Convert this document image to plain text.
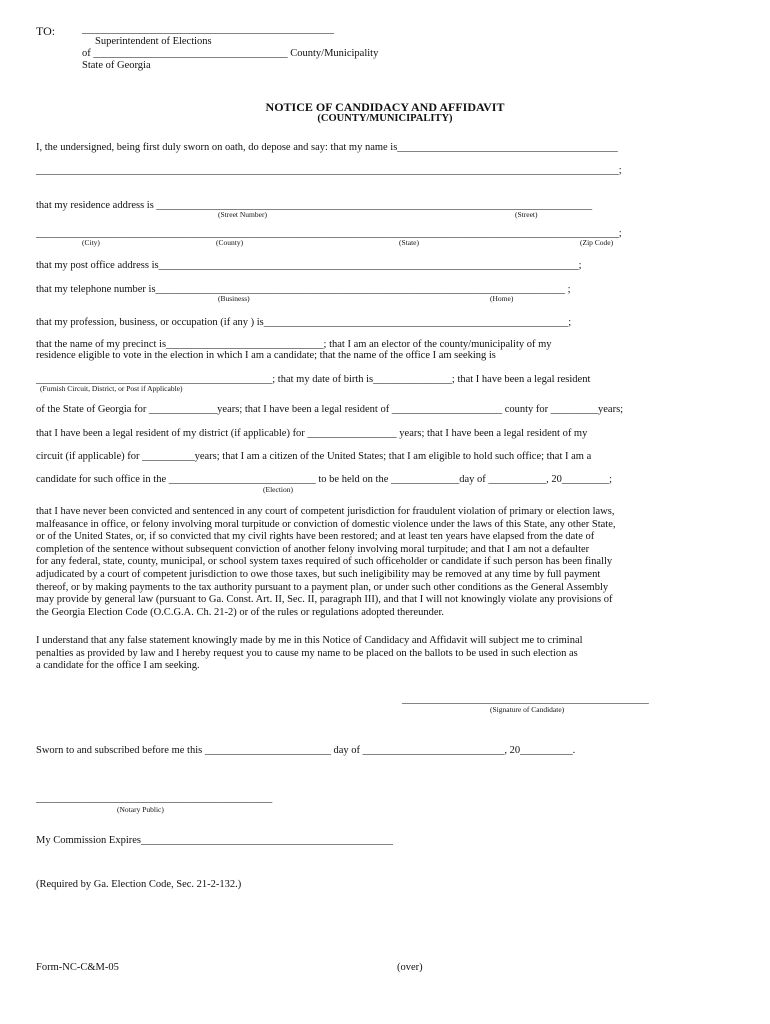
TO:	________________________________________________
Superintendent of Elections
of _____________________________________ County/Municipality
State of Georgia
NOTICE OF CANDIDACY AND AFFIDAVIT
(COUNTY/MUNICIPALITY)
I, the undersigned, being first duly sworn on oath, do depose and say: that my name is__________________________________________
_______________________________________________________________________________________________________________;
that my residence address is ___________________________________________________________________________________
(Street Number)	(Street)
_______________________________________________________________________________________________________________;
(City)	(County)	(State)	(Zip Code)
that my post office address is________________________________________________________________________________;
that my telephone number is______________________________________________________________________________ ;
(Business)	(Home)
that my profession, business, or occupation (if any ) is__________________________________________________________;
that the name of my precinct is______________________________; that I am an elector of the county/municipality of my
residence eligible to vote in the election in which I am a candidate; that the name of the office I am seeking is
_____________________________________________; that my date of birth is_______________; that I have been a legal resident
(Furnish Circuit, District, or Post if Applicable)
of the State of Georgia for _____________years; that I have been a legal resident of _____________________ county for _________years;
that I have been a legal resident of my district (if applicable) for _________________ years; that I have been a legal resident of my
circuit (if applicable) for __________years; that I am a citizen of the United States; that I am eligible to hold such office; that I am a
candidate for such office in the ____________________________ to be held on the _____________day of ___________, 20_________;
(Election)
that I have never been convicted and sentenced in any court of competent jurisdiction for fraudulent violation of primary or election laws,
malfeasance in office, or felony involving moral turpitude or conviction of domestic violence under the laws of this State, any other State,
or of the United States, or, if so convicted that my civil rights have been restored; and at least ten years have elapsed from the date of
completion of the sentence without subsequent conviction of another felony involving moral turpitude; and that I am not a defaulter
for any federal, state, county, municipal, or school system taxes required of such officeholder or candidate if such person has been finally
adjudicated by a court of competent jurisdiction to owe those taxes, but such ineligibility may be removed at any time by full payment
thereof, or by making payments to the tax authority pursuant to a payment plan, or under such other conditions as the General Assembly
may provide by general law (pursuant to Ga. Const. Art. II, Sec. II, paragraph III), and that I will not knowingly violate any provisions of
the Georgia Election Code (O.C.G.A. Ch. 21-2) or of the rules or regulations adopted thereunder.
I understand that any false statement knowingly made by me in this Notice of Candidacy and Affidavit will subject me to criminal
penalties as provided by law and I hereby request you to cause my name to be placed on the ballots to be used in such election as
a candidate for the office I am seeking.
_______________________________________________
(Signature of Candidate)
Sworn to and subscribed before me this ________________________ day of ___________________________, 20__________.
_____________________________________________
(Notary Public)
My Commission Expires________________________________________________
(Required by Ga. Election Code, Sec. 21-2-132.)
Form-NC-C&M-05	(over)
